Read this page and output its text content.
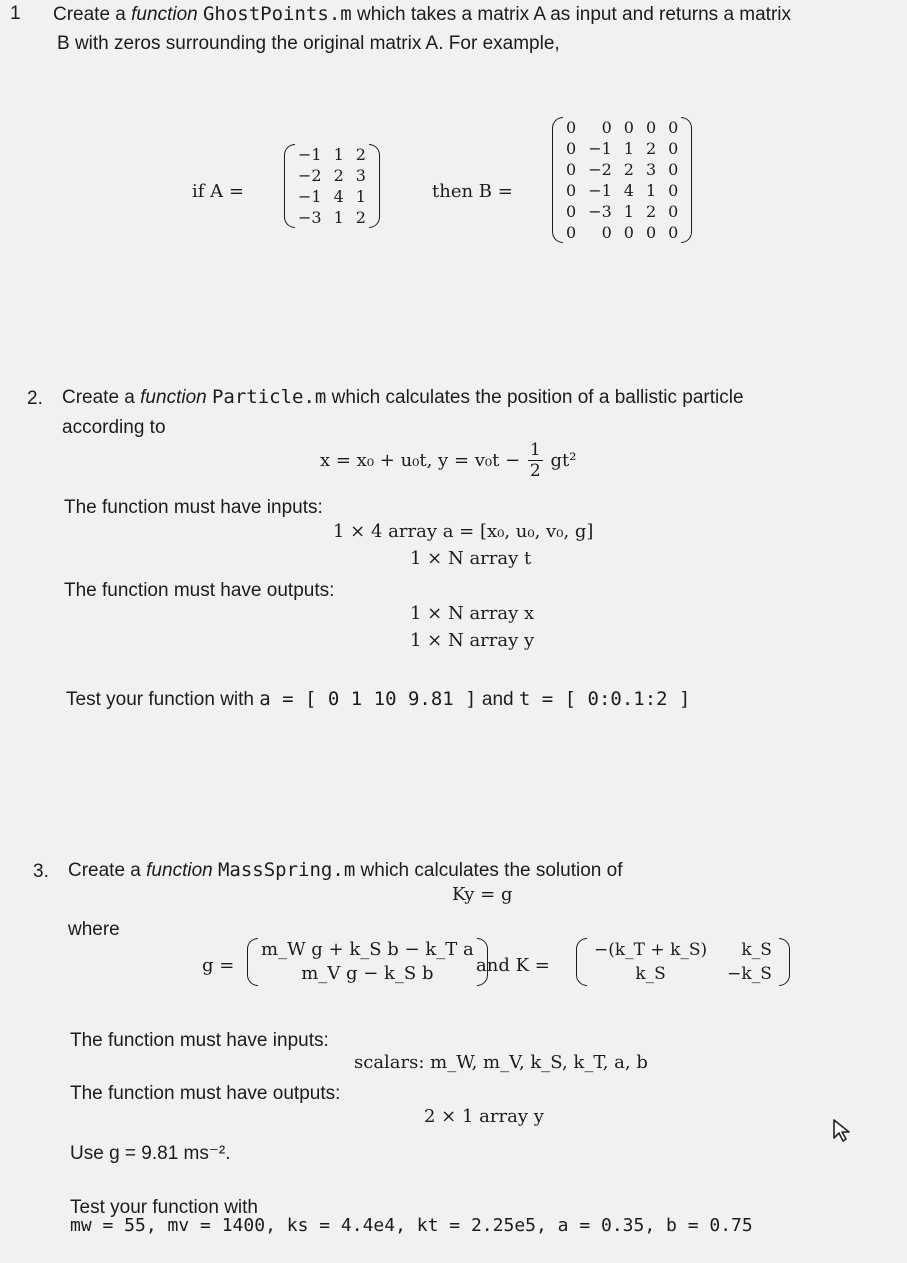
1 Create a function GhostPoints.m which takes a matrix A as input and returns a matrix
B with zeros surrounding the original matrix A. For example,
if A =
−1	1	2
−2	2	3
−1	4	1
−3	1	2
then B =
0	0	0	0	0
0	−1	1	2	0
0	−2	2	3	0
0	−1	4	1	0
0	−3	1	2	0
0	0	0	0	0
2. Create a function Particle.m which calculates the position of a ballistic particle
according to
x = x₀ + u₀t, $y = v_0t - \frac{1}{2} gt^2$
The function must have inputs:
1 × 4 array a = [x₀, u₀, v₀, g]
1 × N array t
The function must have outputs:
1 × N array x
1 × N array y
Test your function with a = [ 0 1 10 9.81 ] and t = [ 0:0.1:2 ]
3. Create a function MassSpring.m which calculates the solution of
Ky = g
where
g =
m_W g + k_S b − k_T a
m_V g − k_S b	and K =
−(k_T + k_S)	k_S
k_S	−k_S
The function must have inputs:
scalars: m_W, m_V, k_S, k_T, a, b
The function must have outputs:
2 × 1 array y
Use g = 9.81 ms⁻².
Test your function with
mw = 55, mv = 1400, ks = 4.4e4, kt = 2.25e5, a = 0.35, b = 0.75
